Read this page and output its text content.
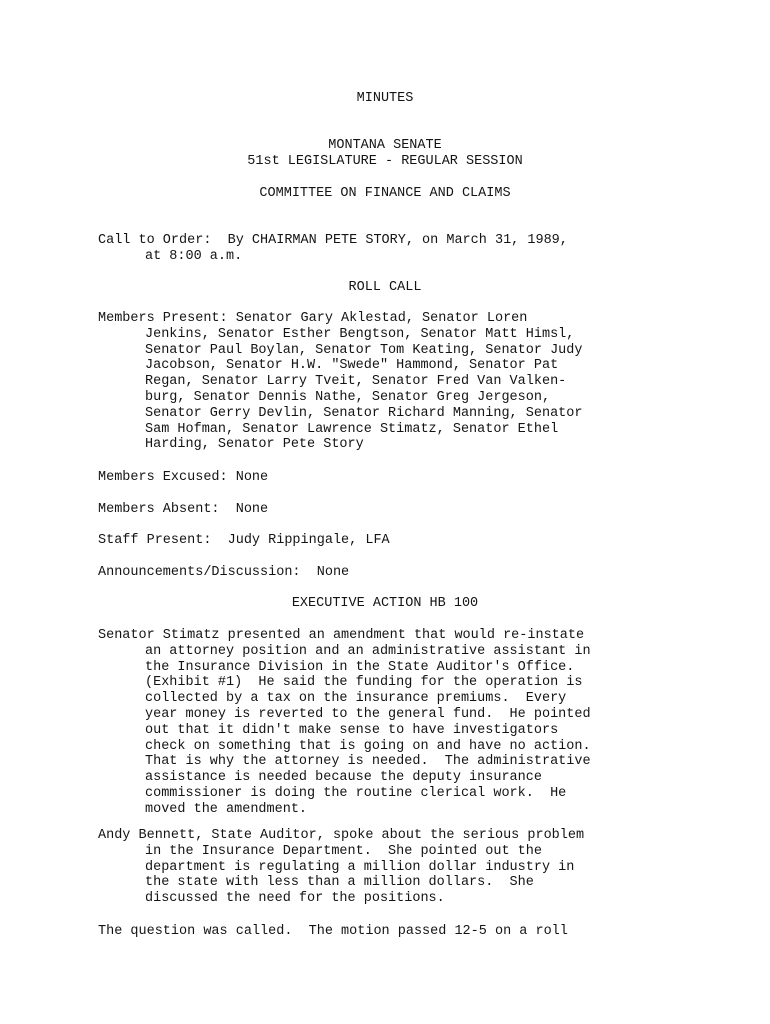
MINUTES
MONTANA SENATE
51st LEGISLATURE - REGULAR SESSION
COMMITTEE ON FINANCE AND CLAIMS
Call to Order:  By CHAIRMAN PETE STORY, on March 31, 1989,
at 8:00 a.m.
ROLL CALL
Members Present: Senator Gary Aklestad, Senator Loren
Jenkins, Senator Esther Bengtson, Senator Matt Himsl,
Senator Paul Boylan, Senator Tom Keating, Senator Judy
Jacobson, Senator H.W. "Swede" Hammond, Senator Pat
Regan, Senator Larry Tveit, Senator Fred Van Valken-
burg, Senator Dennis Nathe, Senator Greg Jergeson,
Senator Gerry Devlin, Senator Richard Manning, Senator
Sam Hofman, Senator Lawrence Stimatz, Senator Ethel
Harding, Senator Pete Story
Members Excused: None
Members Absent:  None
Staff Present:  Judy Rippingale, LFA
Announcements/Discussion:  None
EXECUTIVE ACTION HB 100
Senator Stimatz presented an amendment that would re-instate
an attorney position and an administrative assistant in
the Insurance Division in the State Auditor's Office.
(Exhibit #1)  He said the funding for the operation is
collected by a tax on the insurance premiums.  Every
year money is reverted to the general fund.  He pointed
out that it didn't make sense to have investigators
check on something that is going on and have no action.
That is why the attorney is needed.  The administrative
assistance is needed because the deputy insurance
commissioner is doing the routine clerical work.  He
moved the amendment.
Andy Bennett, State Auditor, spoke about the serious problem
in the Insurance Department.  She pointed out the
department is regulating a million dollar industry in
the state with less than a million dollars.  She
discussed the need for the positions.
The question was called.  The motion passed 12-5 on a roll
